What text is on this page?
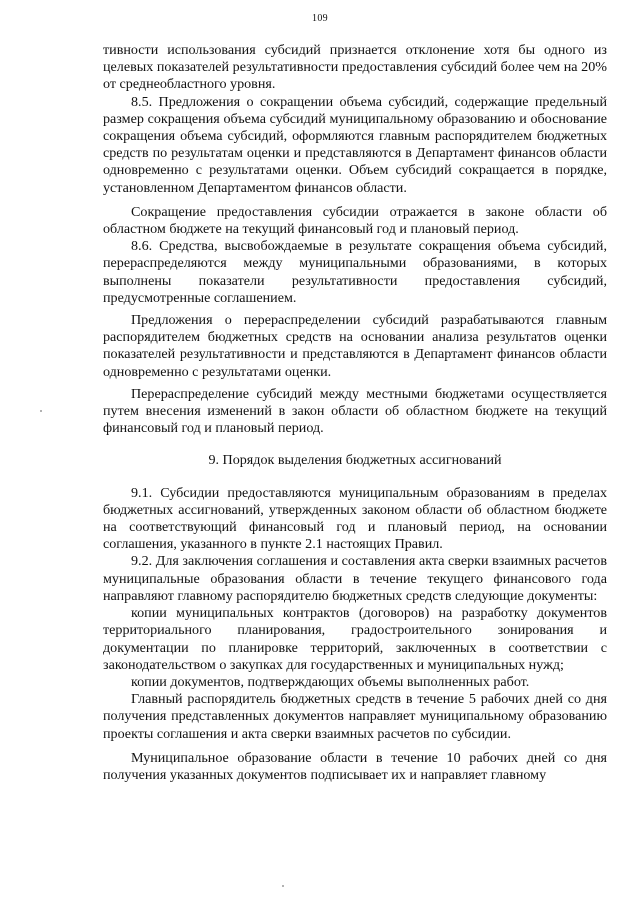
109

тивности использования субсидий признается отклонение хотя бы одного из целевых показателей результативности предоставления субсидий более чем на 20% от среднеобластного уровня.

8.5. Предложения о сокращении объема субсидий, содержащие предельный размер сокращения объема субсидий муниципальному образованию и обоснование сокращения объема субсидий, оформляются главным распорядителем бюджетных средств по результатам оценки и представляются в Департамент финансов области одновременно с результатами оценки. Объем субсидий сокращается в порядке, установленном Департаментом финансов области.

Сокращение предоставления субсидии отражается в законе области об областном бюджете на текущий финансовый год и плановый период.

8.6. Средства, высвобождаемые в результате сокращения объема субсидий, перераспределяются между муниципальными образованиями, в которых выполнены показатели результативности предоставления субсидий, предусмотренные соглашением.

Предложения о перераспределении субсидий разрабатываются главным распорядителем бюджетных средств на основании анализа результатов оценки показателей результативности и представляются в Департамент финансов области одновременно с результатами оценки.

Перераспределение субсидий между местными бюджетами осуществляется путем внесения изменений в закон области об областном бюджете на текущий финансовый год и плановый период.

9. Порядок выделения бюджетных ассигнований

9.1. Субсидии предоставляются муниципальным образованиям в пределах бюджетных ассигнований, утвержденных законом области об областном бюджете на соответствующий финансовый год и плановый период, на основании соглашения, указанного в пункте 2.1 настоящих Правил.

9.2. Для заключения соглашения и составления акта сверки взаимных расчетов муниципальные образования области в течение текущего финансового года направляют главному распорядителю бюджетных средств следующие документы:

копии муниципальных контрактов (договоров) на разработку документов территориального планирования, градостроительного зонирования и документации по планировке территорий, заключенных в соответствии с законодательством о закупках для государственных и муниципальных нужд;

копии документов, подтверждающих объемы выполненных работ.

Главный распорядитель бюджетных средств в течение 5 рабочих дней со дня получения представленных документов направляет муниципальному образованию проекты соглашения и акта сверки взаимных расчетов по субсидии.

Муниципальное образование области в течение 10 рабочих дней со дня получения указанных документов подписывает их и направляет главному
